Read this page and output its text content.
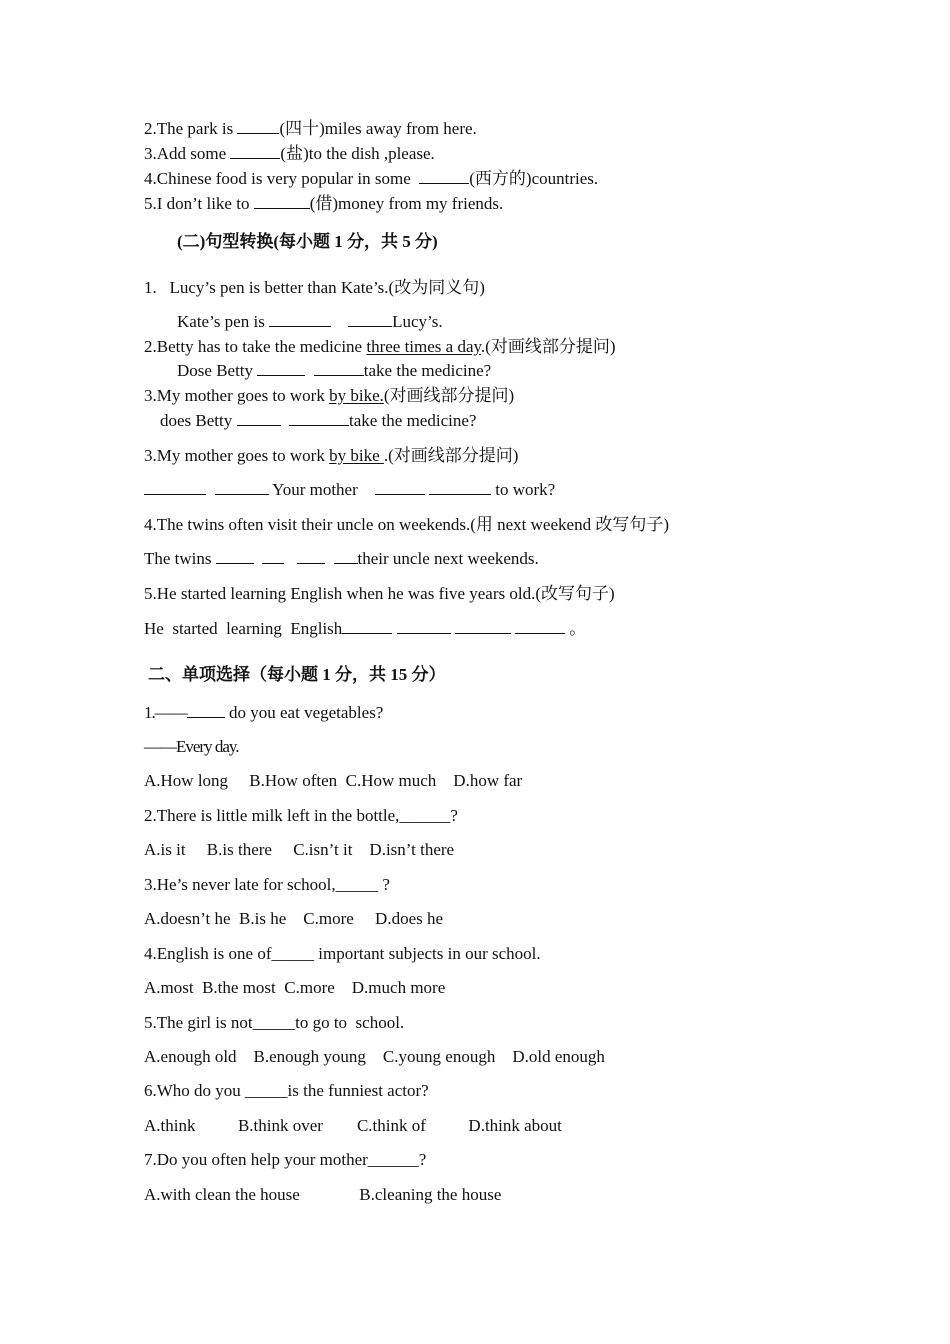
2.The park is (四十)miles away from here.
3.Add some	(盐)to the dish ,please.
4.Chinese food is very popular in some	(西方的)countries.
5.I don’t like to	(借)money from my friends.
(二)句型转换(每小题 1 分，共 5 分)
1.   Lucy’s pen is better than Kate’s.(改为同义句)
Kate’s pen is	Lucy’s.
2.Betty has to take the medicine three times a day.(对画线部分提问)
Dose Betty	take the medicine?
3.My mother goes to work by bike.(对画线部分提问)
does Betty	take the medicine?
3.My mother goes to work by bike .(对画线部分提问)
Your mother	to work?
4.The twins often visit their uncle on weekends.(用 next weekend 改写句子)
The twins	their uncle next weekends.
5.He started learning English when he was five years old.(改写句子)
He  started  learning  English	。
二、单项选择（每小题 1 分，共 15 分）
1.—— do you eat vegetables?
——Every day.
A.How long     B.How often  C.How much    D.how far
2.There is little milk left in the bottle,______?
A.is it     B.is there     C.isn’t it    D.isn’t there
3.He’s never late for school,_____ ?
A.doesn’t he  B.is he    C.more     D.does he
4.English is one of_____ important subjects in our school.
A.most  B.the most  C.more    D.much more
5.The girl is not_____to go to  school.
A.enough old    B.enough young    C.young enough    D.old enough
6.Who do you _____is the funniest actor?
A.think          B.think over        C.think of          D.think about
7.Do you often help your mother______?
A.with clean the house              B.cleaning the house
